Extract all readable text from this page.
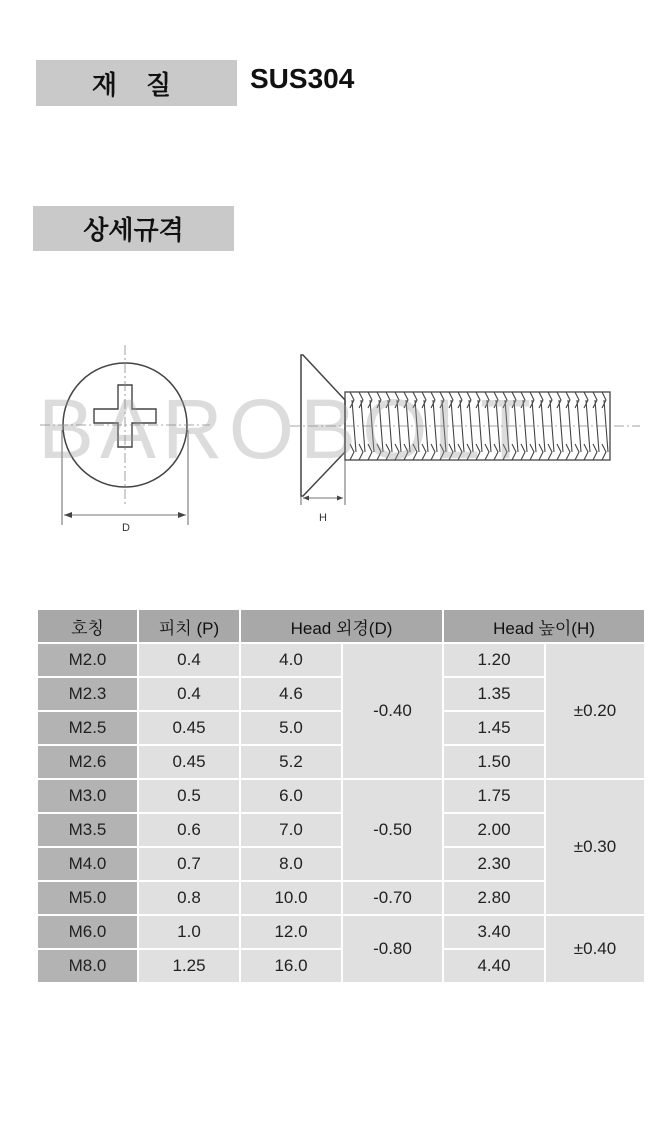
재 질 SUS304
상세규격
D
H
BAROBOLT
호칭	피치 (P)	Head 외경(D)		Head 높이(H)	
M2.0	0.4	4.0	-0.40	1.20	±0.20
M2.3	0.4	4.6		1.35	
M2.5	0.45	5.0		1.45	
M2.6	0.45	5.2		1.50	
M3.0	0.5	6.0	-0.50	1.75	±0.30
M3.5	0.6	7.0		2.00	
M4.0	0.7	8.0		2.30	
M5.0	0.8	10.0	-0.70	2.80	
M6.0	1.0	12.0	-0.80	3.40	±0.40
M8.0	1.25	16.0		4.40	
